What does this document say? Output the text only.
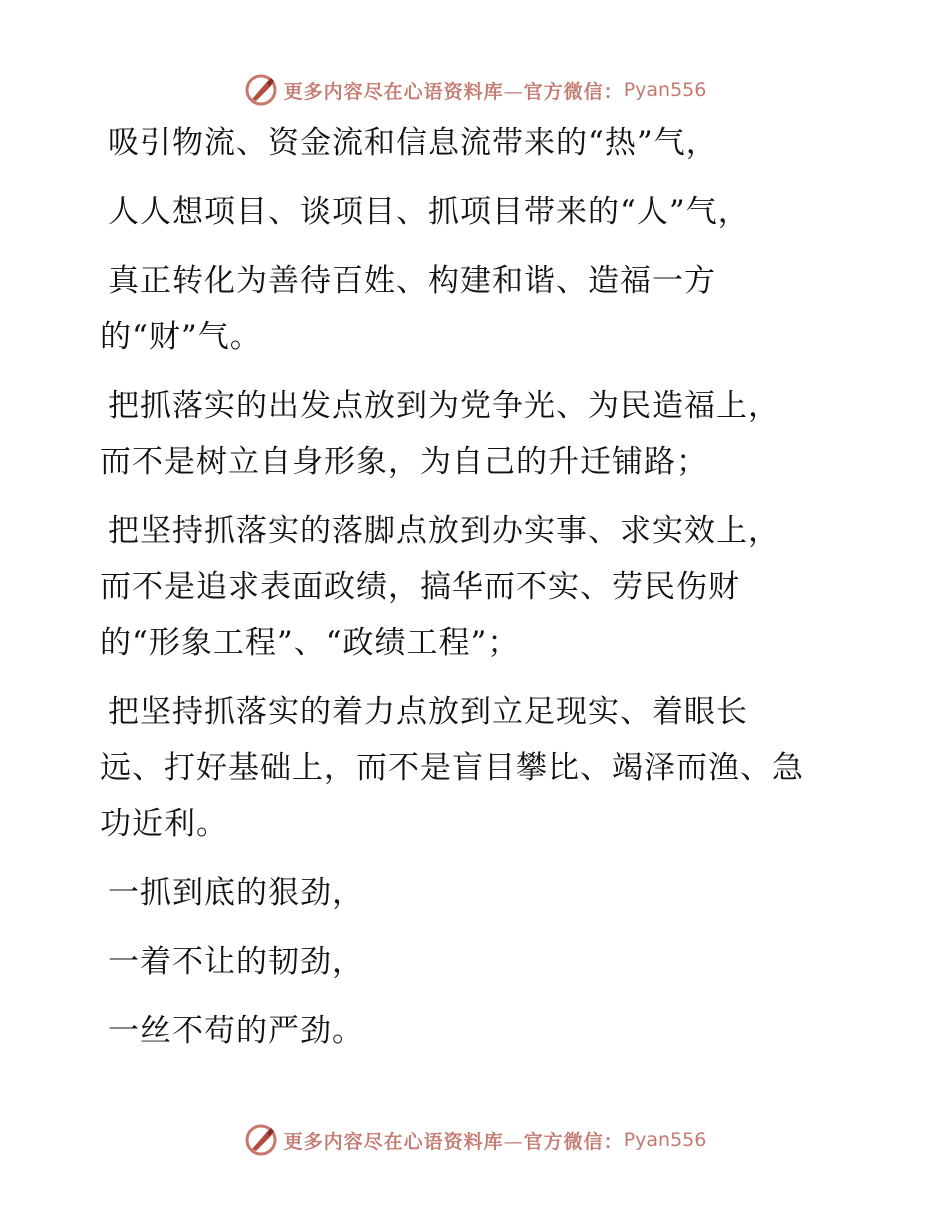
更多内容尽在心语资料库—官方微信： Pyan556
吸引物流、资金流和信息流带来的“热”气，
人人想项目、谈项目、抓项目带来的“人”气，
真正转化为善待百姓、构建和谐、造福一方
的“财”气。
把抓落实的出发点放到为党争光、为民造福上，
而不是树立自身形象，为自己的升迁铺路；
把坚持抓落实的落脚点放到办实事、求实效上，
而不是追求表面政绩，搞华而不实、劳民伤财
的“形象工程”、“政绩工程”；
把坚持抓落实的着力点放到立足现实、着眼长
远、打好基础上，而不是盲目攀比、竭泽而渔、急
功近利。
一抓到底的狠劲，
一着不让的韧劲，
一丝不苟的严劲。
更多内容尽在心语资料库—官方微信： Pyan556
